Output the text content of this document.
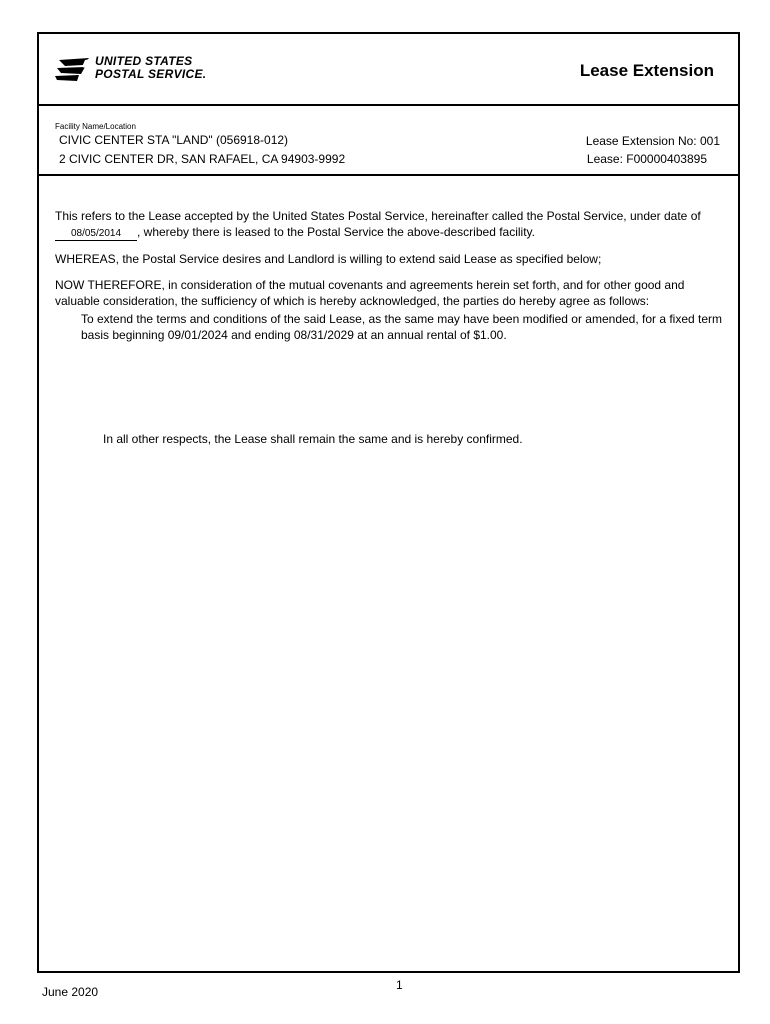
UNITED STATES
POSTAL SERVICE.	Lease Extension
Facility Name/Location
CIVIC CENTER STA "LAND" (056918-012)
2 CIVIC CENTER DR, SAN RAFAEL, CA 94903-9992
Lease Extension No: 001
Lease: F00000403895

This refers to the Lease accepted by the United States Postal Service, hereinafter called the Postal Service, under date of 08/05/2014 , whereby there is leased to the Postal Service the above-described facility.

WHEREAS, the Postal Service desires and Landlord is willing to extend said Lease as specified below;

NOW THEREFORE, in consideration of the mutual covenants and agreements herein set forth, and for other good and valuable consideration, the sufficiency of which is hereby acknowledged, the parties do hereby agree as follows:

To extend the terms and conditions of the said Lease, as the same may have been modified or amended, for a fixed term basis beginning 09/01/2024 and ending 08/31/2029 at an annual rental of $1.00.

In all other respects, the Lease shall remain the same and is hereby confirmed.
1
June 2020
